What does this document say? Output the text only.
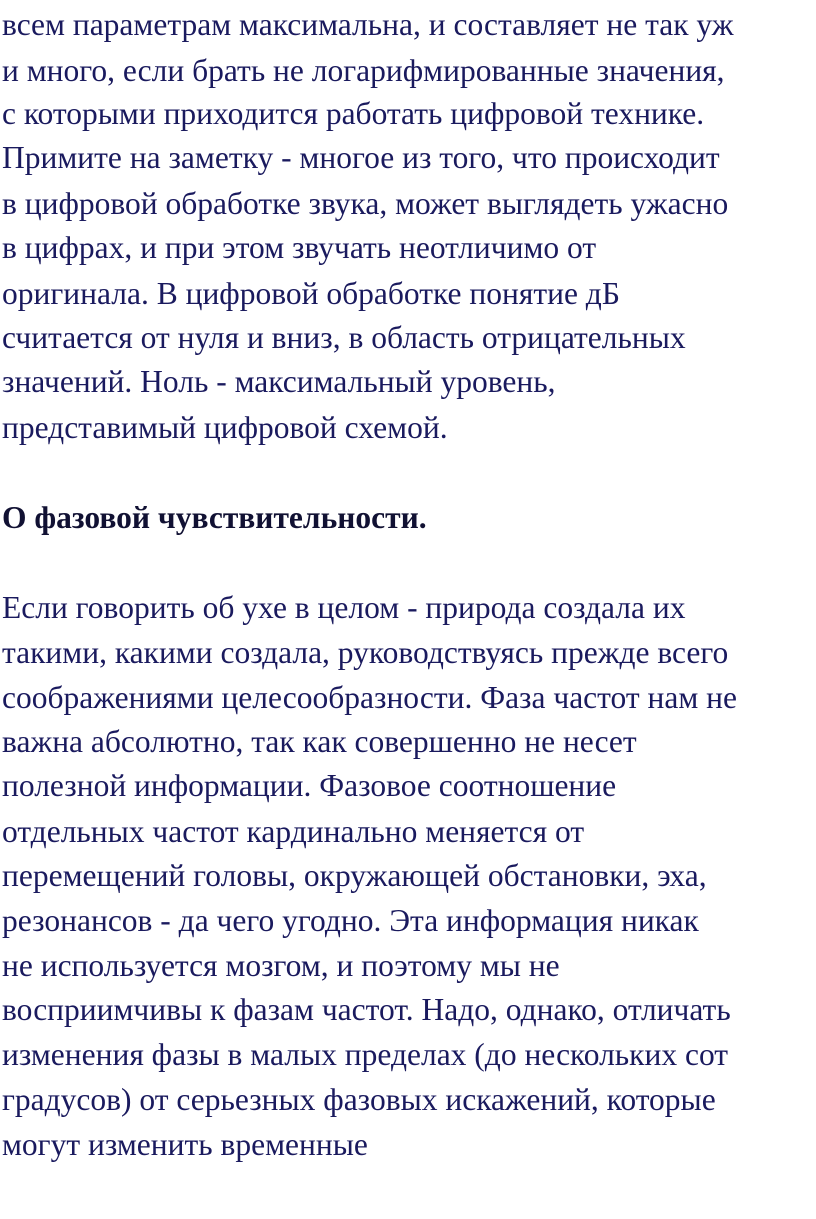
всем параметрам максимальна, и составляет не так уж
и много, если брать не логарифмированные значения,
с которыми приходится работать цифровой технике.
Примите на заметку - многое из того, что происходит
в цифровой обработке звука, может выглядеть ужасно
в цифрах, и при этом звучать неотличимо от
оригинала. В цифровой обработке понятие дБ
считается от нуля и вниз, в область отрицательных
значений. Ноль - максимальный уровень,
представимый цифровой схемой.
О фазовой чувствительности.
Если говорить об ухе в целом - природа создала их
такими, какими создала, руководствуясь прежде всего
соображениями целесообразности. Фаза частот нам не
важна абсолютно, так как совершенно не несет
полезной информации. Фазовое соотношение
отдельных частот кардинально меняется от
перемещений головы, окружающей обстановки, эха,
резонансов - да чего угодно. Эта информация никак
не используется мозгом, и поэтому мы не
восприимчивы к фазам частот. Надо, однако, отличать
изменения фазы в малых пределах (до нескольких сот
градусов) от серьезных фазовых искажений, которые
могут изменить временные
